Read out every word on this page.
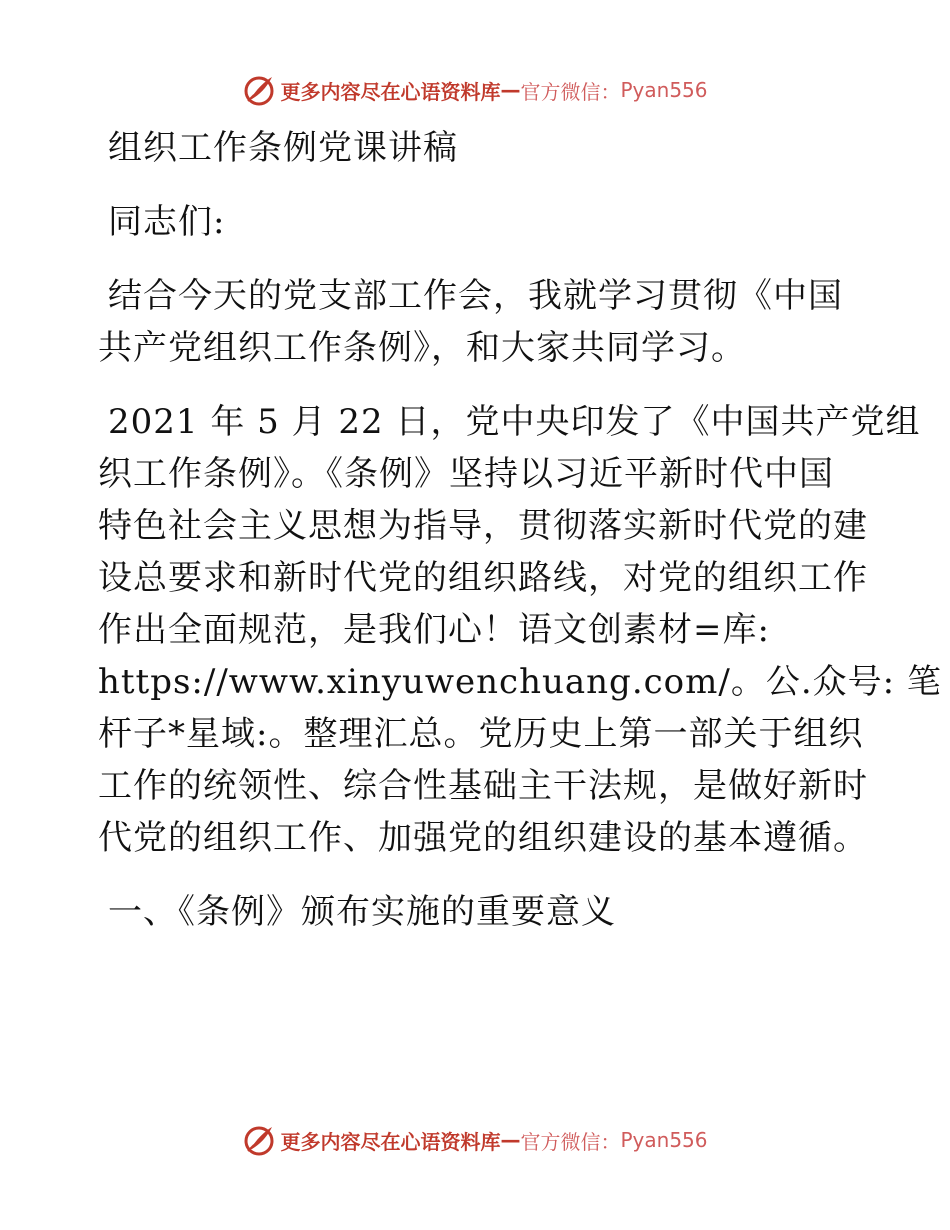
更多内容尽在心语资料库 — 官方微信： Pyan556
组织工作条例党课讲稿
同志们:
结合今天的党支部工作会，我就学习贯彻《中国
共产党组织工作条例》，和大家共同学习。
2021 年 5 月 22 日，党中央印发了《中国共产党组
织工作条例》。《条例》坚持以习近平新时代中国
特色社会主义思想为指导，贯彻落实新时代党的建
设总要求和新时代党的组织路线，对党的组织工作
作出全面规范，是我们心！语文创素材=库:
https://www.xinyuwenchuang.com/。公.众号: 笔
杆子*星域:。整理汇总。党历史上第一部关于组织
工作的统领性、综合性基础主干法规，是做好新时
代党的组织工作、加强党的组织建设的基本遵循。
一、《条例》颁布实施的重要意义
更多内容尽在心语资料库 — 官方微信： Pyan556
